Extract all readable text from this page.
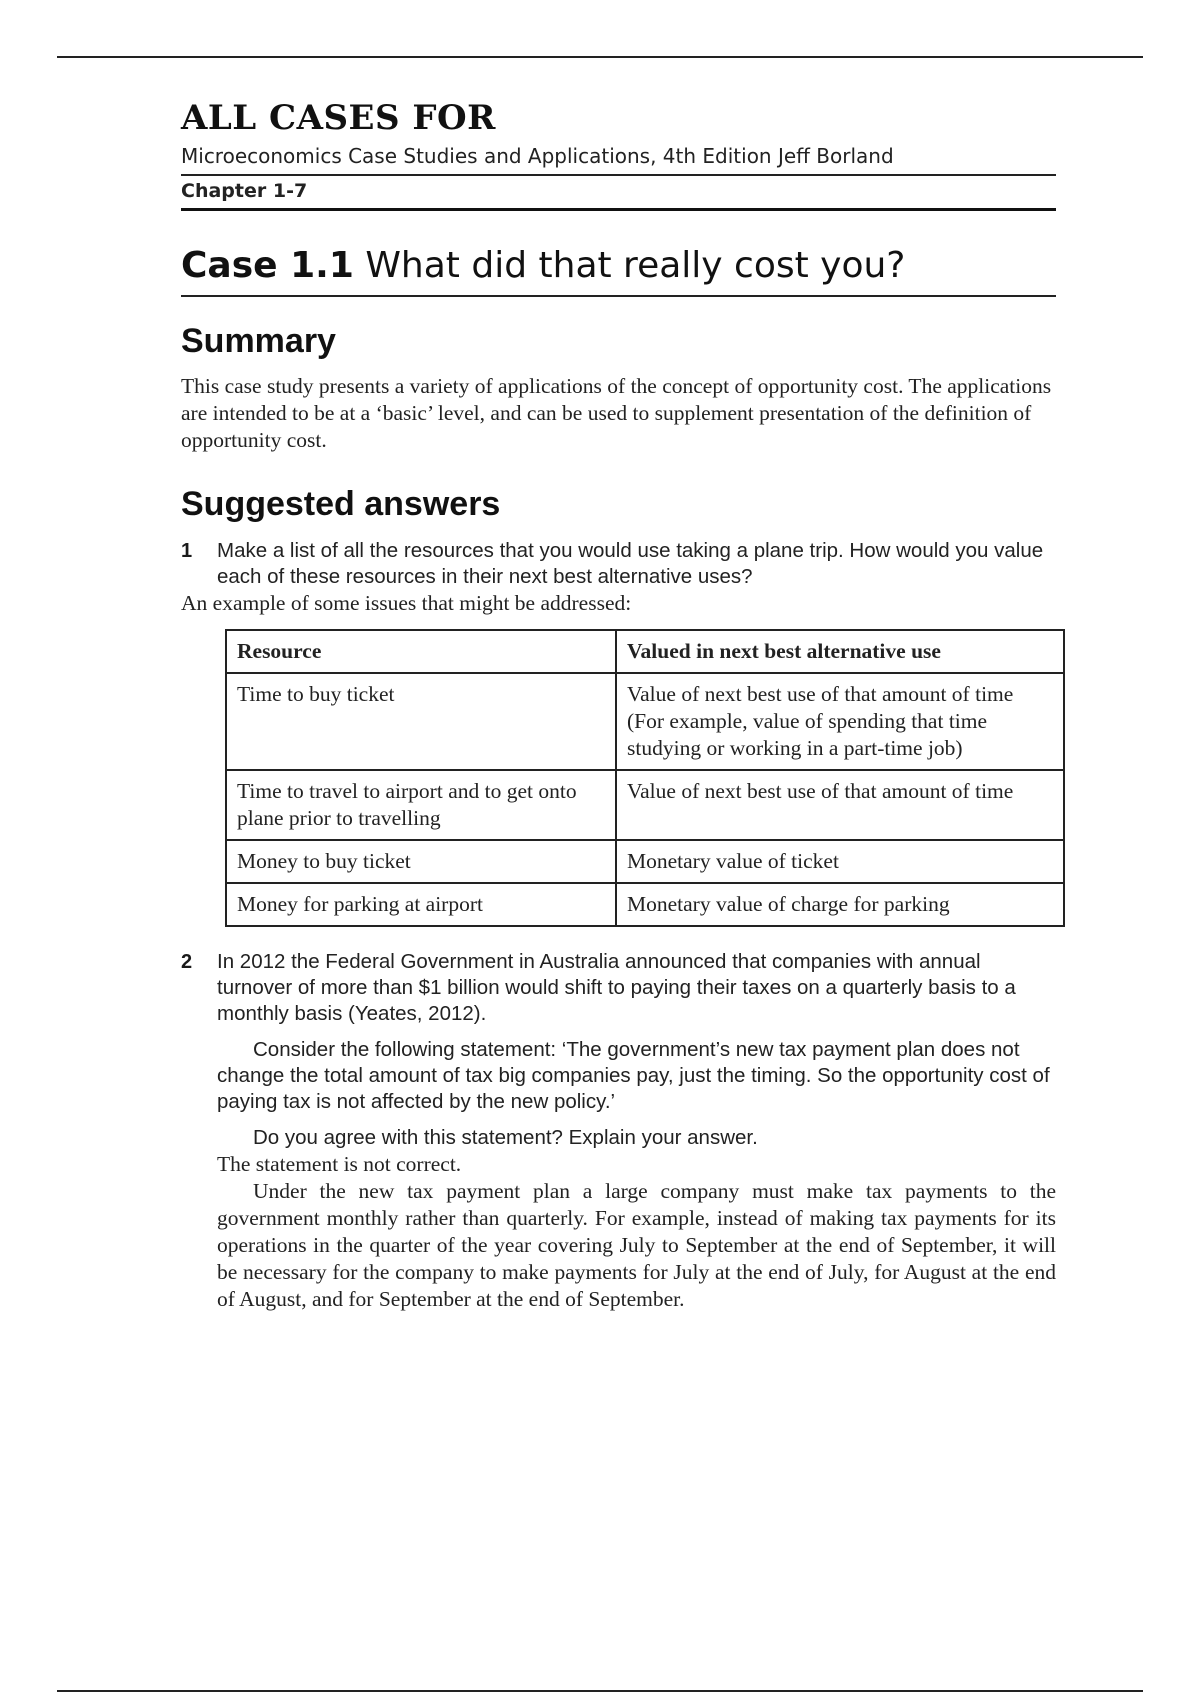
ALL CASES FOR
Microeconomics Case Studies and Applications, 4th Edition Jeff Borland
Chapter 1-7
Case 1.1 What did that really cost you?
Summary

This case study presents a variety of applications of the concept of opportunity cost. The applications are intended to be at a ‘basic’ level, and can be used to supplement presentation of the definition of opportunity cost.

Suggested answers
1	Make a list of all the resources that you would use taking a plane trip. How would you value each of these resources in their next best alternative uses?

An example of some issues that might be addressed:

Resource	Valued in next best alternative use
Time to buy ticket	Value of next best use of that amount of time (For example, value of spending that time studying or working in a part-time job)
Time to travel to airport and to get onto plane prior to travelling	Value of next best use of that amount of time
Money to buy ticket	Monetary value of ticket
Money for parking at airport	Monetary value of charge for parking
2	In 2012 the Federal Government in Australia announced that companies with annual turnover of more than $1 billion would shift to paying their taxes on a quarterly basis to a monthly basis (Yeates, 2012).

Consider the following statement: ‘The government’s new tax payment plan does not change the total amount of tax big companies pay, just the timing. So the opportunity cost of paying tax is not affected by the new policy.’

Do you agree with this statement? Explain your answer.

The statement is not correct.

Under the new tax payment plan a large company must make tax payments to the government monthly rather than quarterly. For example, instead of making tax payments for its operations in the quarter of the year covering July to September at the end of September, it will be necessary for the company to make payments for July at the end of July, for August at the end of August, and for September at the end of September.
